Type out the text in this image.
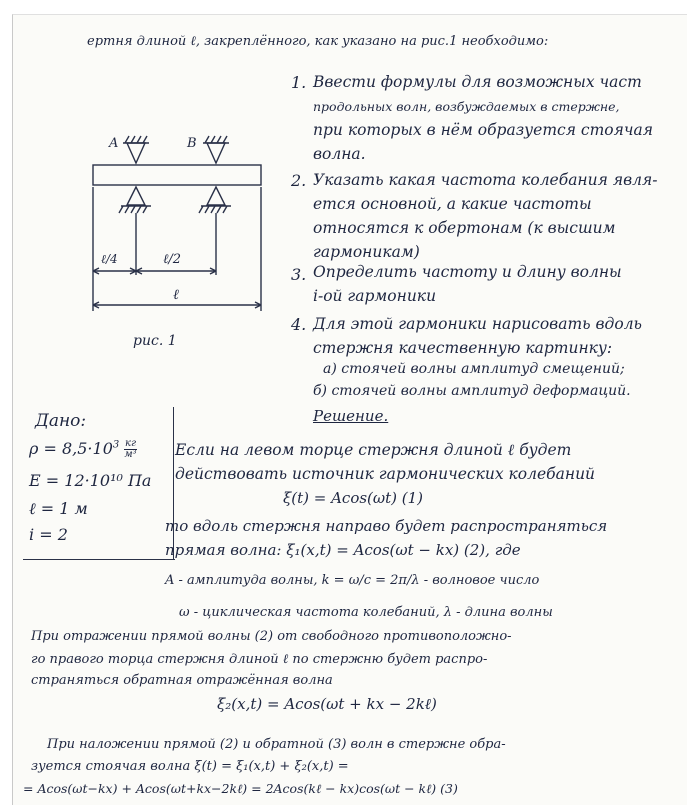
ертня длиной ℓ, закреплённого, как указано на рис.1 необходимо:
1. Ввести формулы для возможных част
продольных волн, возбуждаемых в стержне,
при которых в нём образуется стоячая
волна.
2. Указать какая частота колебания явля-
ется основной, а какие частоты
относятся к обертонам (к высшим
гармоникам)
3. Определить частоту и длину волны
i-ой гармоники
4. Для этой гармоники нарисовать вдоль
стержня качественную картинку:
а) стоячей волны амплитуд смещений;
б) стоячей волны амплитуд деформаций.
A	B
ℓ/4	ℓ/2
ℓ
рис. 1
Дано:
$\rho = 8,5\cdot 10^3$ кг
м³
E = 12·10¹⁰ Па
ℓ = 1 м
i = 2
Решение.
Если на левом торце стержня длиной ℓ будет
действовать источник гармонических колебаний
ξ(t) = Acos(ωt) (1)
то вдоль стержня направо будет распространяться
прямая волна: ξ₁(x,t) = Acos(ωt − kx) (2), где
A - амплитуда волны, k = ω/c = 2π/λ - волновое число
ω - циклическая частота колебаний, λ - длина волны
При отражении прямой волны (2) от свободного противоположно-
го правого торца стержня длиной ℓ по стержню будет распро-
страняться обратная отражённая волна
ξ₂(x,t) = Acos(ωt + kx − 2kℓ)
При наложении прямой (2) и обратной (3) волн в стержне обра-
зуется стоячая волна ξ(t) = ξ₁(x,t) + ξ₂(x,t) =
= Acos(ωt−kx) + Acos(ωt+kx−2kℓ) = 2Acos(kℓ − kx)cos(ωt − kℓ) (3)
